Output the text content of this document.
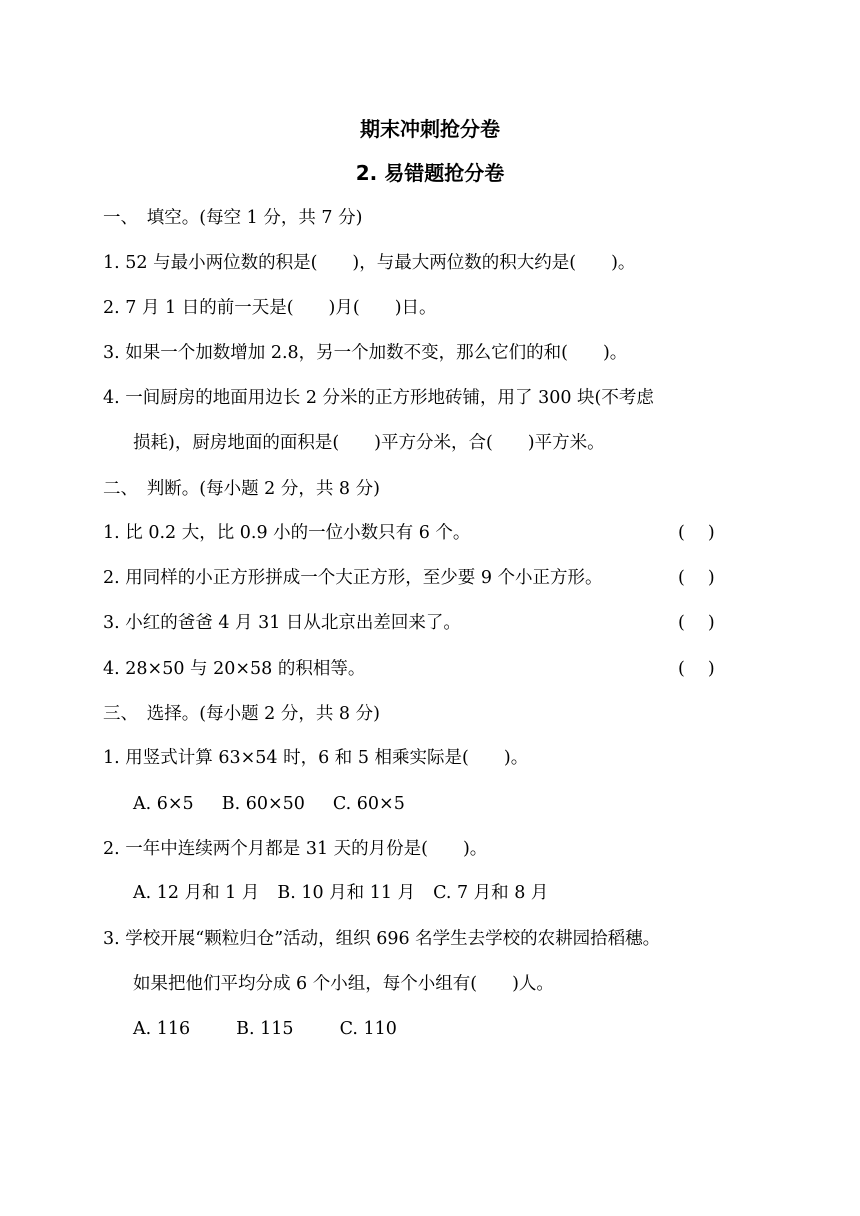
期末冲刺抢分卷
2. 易错题抢分卷

一、　填空。(每空 1 分，共 7 分)

1. 52 与最小两位数的积是(　　)，与最大两位数的积大约是(　　)。

2. 7 月 1 日的前一天是(　　)月(　　)日。

3. 如果一个加数增加 2.8，另一个加数不变，那么它们的和(　　)。

4. 一间厨房的地面用边长 2 分米的正方形地砖铺，用了 300 块(不考虑

损耗)，厨房地面的面积是(　　)平方分米，合(　　)平方米。

二、　判断。(每小题 2 分，共 8 分)

1. 比 0.2 大，比 0.9 小的一位小数只有 6 个。	(　 )

2. 用同样的小正方形拼成一个大正方形，至少要 9 个小正方形。	(　 )

3. 小红的爸爸 4 月 31 日从北京出差回来了。	(　 )

4. 28×50 与 20×58 的积相等。	(　 )

三、　选择。(每小题 2 分，共 8 分)

1. 用竖式计算 63×54 时，6 和 5 相乘实际是(　　)。

A. 6×5 B. 60×50 C. 60×5

2. 一年中连续两个月都是 31 天的月份是(　　)。

A. 12 月和 1 月 B. 10 月和 11 月 C. 7 月和 8 月

3. 学校开展“颗粒归仓”活动，组织 696 名学生去学校的农耕园拾稻穗。

如果把他们平均分成 6 个小组，每个小组有(　　)人。

A. 116	B. 115	C. 110
